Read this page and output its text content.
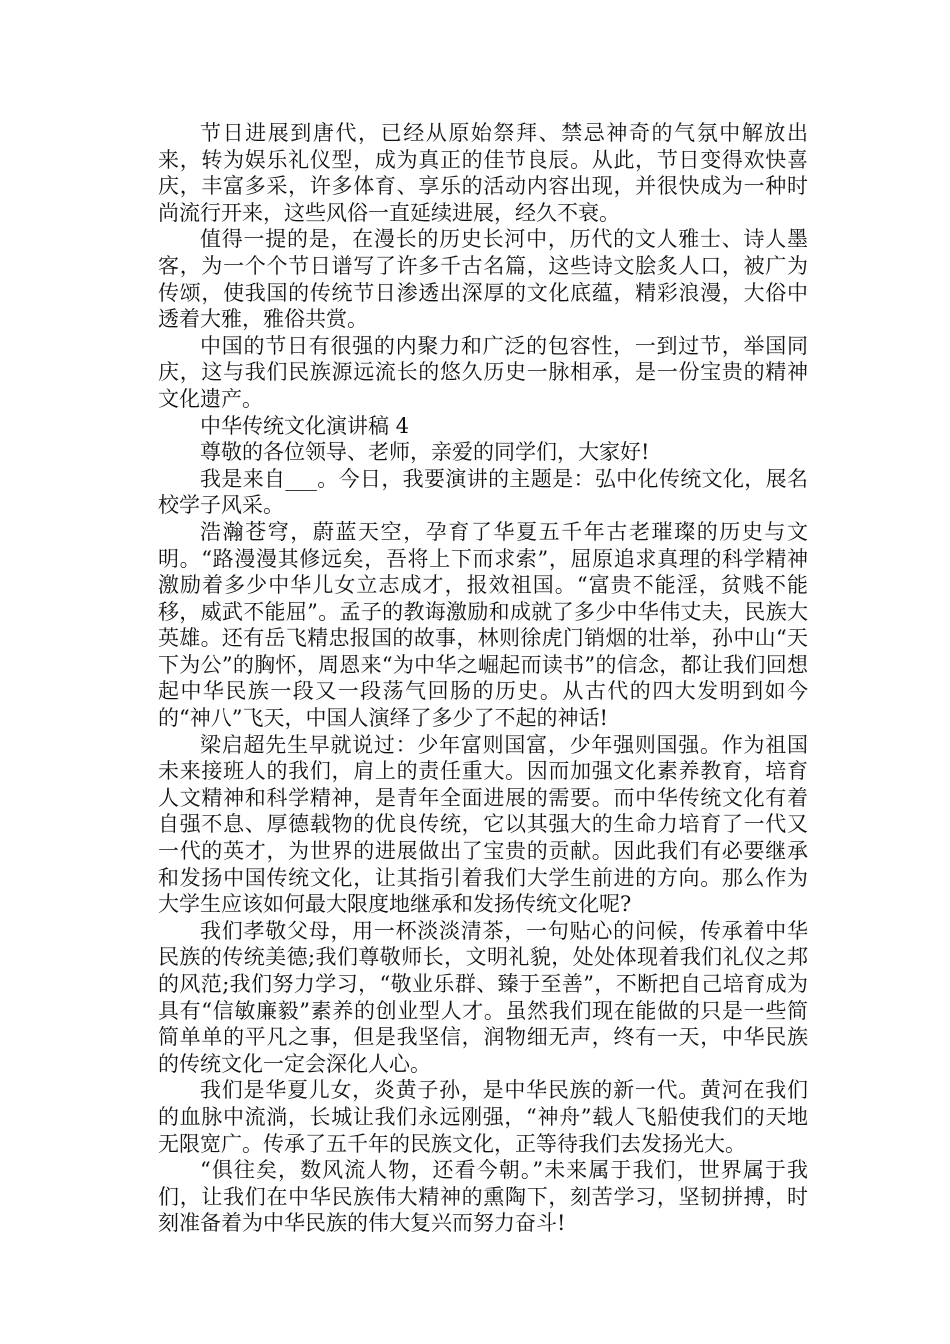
节日进展到唐代，已经从原始祭拜、禁忌神奇的气氛中解放出来，转为娱乐礼仪型，成为真正的佳节良辰。从此，节日变得欢快喜庆，丰富多采，许多体育、享乐的活动内容出现，并很快成为一种时尚流行开来，这些风俗一直延续进展，经久不衰。

值得一提的是，在漫长的历史长河中，历代的文人雅士、诗人墨客，为一个个节日谱写了许多千古名篇，这些诗文脍炙人口，被广为传颂，使我国的传统节日渗透出深厚的文化底蕴，精彩浪漫，大俗中透着大雅，雅俗共赏。

中国的节日有很强的内聚力和广泛的包容性，一到过节，举国同庆，这与我们民族源远流长的悠久历史一脉相承，是一份宝贵的精神文化遗产。

中华传统文化演讲稿 4

尊敬的各位领导、老师，亲爱的同学们，大家好!

我是来自___。今日，我要演讲的主题是：弘中化传统文化，展名校学子风采。

浩瀚苍穹，蔚蓝天空，孕育了华夏五千年古老璀璨的历史与文明。“路漫漫其修远矣，吾将上下而求索”，屈原追求真理的科学精神激励着多少中华儿女立志成才，报效祖国。“富贵不能淫，贫贱不能移，威武不能屈”。孟子的教诲激励和成就了多少中华伟丈夫，民族大英雄。还有岳飞精忠报国的故事，林则徐虎门销烟的壮举，孙中山“天下为公”的胸怀，周恩来“为中华之崛起而读书”的信念，都让我们回想起中华民族一段又一段荡气回肠的历史。从古代的四大发明到如今的“神八”飞天，中国人演绎了多少了不起的神话!

梁启超先生早就说过：少年富则国富，少年强则国强。作为祖国未来接班人的我们，肩上的责任重大。因而加强文化素养教育，培育人文精神和科学精神，是青年全面进展的需要。而中华传统文化有着自强不息、厚德载物的优良传统，它以其强大的生命力培育了一代又一代的英才，为世界的进展做出了宝贵的贡献。因此我们有必要继承和发扬中国传统文化，让其指引着我们大学生前进的方向。那么作为大学生应该如何最大限度地继承和发扬传统文化呢?

我们孝敬父母，用一杯淡淡清茶，一句贴心的问候，传承着中华民族的传统美德;我们尊敬师长，文明礼貌，处处体现着我们礼仪之邦的风范;我们努力学习，“敬业乐群、臻于至善”，不断把自己培育成为具有“信敏廉毅”素养的创业型人才。虽然我们现在能做的只是一些简简单单的平凡之事，但是我坚信，润物细无声，终有一天，中华民族的传统文化一定会深化人心。

我们是华夏儿女，炎黄子孙，是中华民族的新一代。黄河在我们的血脉中流淌，长城让我们永远刚强，“神舟”载人飞船使我们的天地无限宽广。传承了五千年的民族文化，正等待我们去发扬光大。

“俱往矣，数风流人物，还看今朝。”未来属于我们，世界属于我们，让我们在中华民族伟大精神的熏陶下，刻苦学习，坚韧拼搏，时刻准备着为中华民族的伟大复兴而努力奋斗!
